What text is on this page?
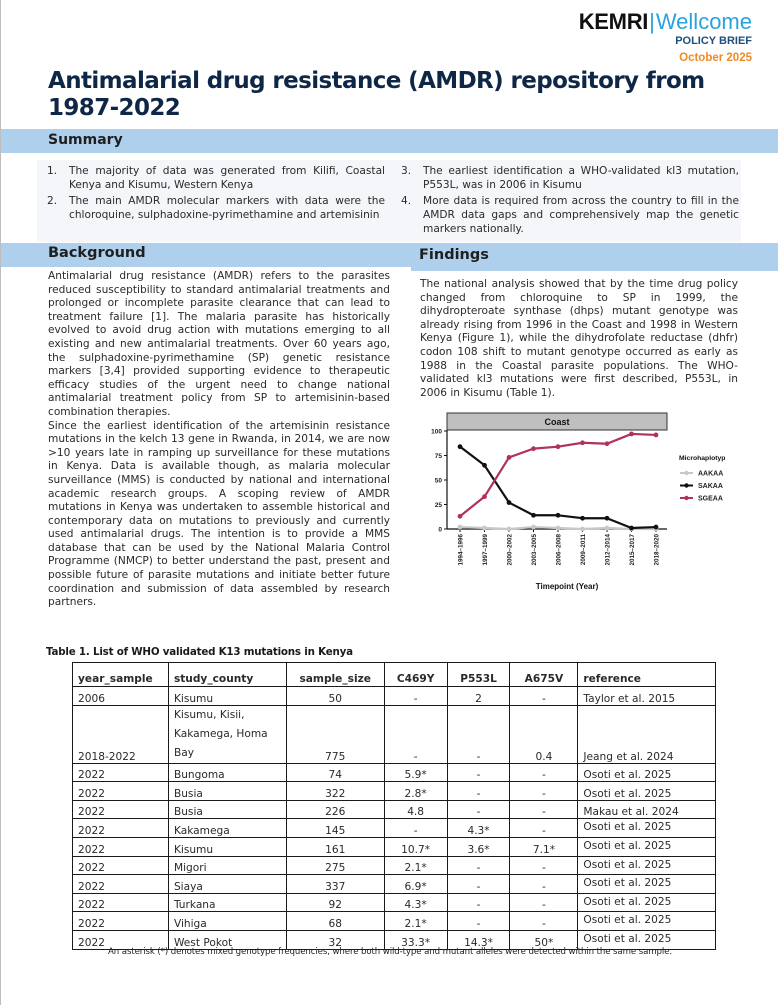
KEMRI|Wellcome
POLICY BRIEF
October 2025
Antimalarial drug resistance (AMDR) repository from 1987-2022
Summary
1. The majority of data was generated from Kilifi, Coastal Kenya and Kisumu, Western Kenya
2. The main AMDR molecular markers with data were the chloroquine, sulphadoxine-pyrimethamine and artemisinin
3. The earliest identification a WHO-validated kl3 mutation, P553L, was in 2006 in Kisumu
4. More data is required from across the country to fill in the AMDR data gaps and comprehensively map the genetic markers nationally.
Background	Findings

Antimalarial drug resistance (AMDR) refers to the parasites reduced susceptibility to standard antimalarial treatments and prolonged or incomplete parasite clearance that can lead to treatment failure [1]. The malaria parasite has historically evolved to avoid drug action with mutations emerging to all existing and new antimalarial treatments. Over 60 years ago, the sulphadoxine-pyrimethamine (SP) genetic resistance markers [3,4] provided supporting evidence to therapeutic efficacy studies of the urgent need to change national antimalarial treatment policy from SP to artemisinin-based combination therapies.

Since the earliest identification of the artemisinin resistance mutations in the kelch 13 gene in Rwanda, in 2014, we are now >10 years late in ramping up surveillance for these mutations in Kenya. Data is available though, as malaria molecular surveillance (MMS) is conducted by national and international academic research groups. A scoping review of AMDR mutations in Kenya was undertaken to assemble historical and contemporary data on mutations to previously and currently used antimalarial drugs. The intention is to provide a MMS database that can be used by the National Malaria Control Programme (NMCP) to better understand the past, present and possible future of parasite mutations and initiate better future coordination and submission of data assembled by research partners.

The national analysis showed that by the time drug policy changed from chloroquine to SP in 1999, the dihydropteroate synthase (dhps) mutant genotype was already rising from 1996 in the Coast and 1998 in Western Kenya (Figure 1), while the dihydrofolate reductase (dhfr) codon 108 shift to mutant genotype occurred as early as 1988 in the Coastal parasite populations. The WHO-validated kl3 mutations were first described, P553L, in 2006 in Kisumu (Table 1).

Coast
0
25
50
75
100
1994–1996	1997–1999	2000–2002	2003–2005	2006–2008	2009–2011	2012–2014	2015–2017	2018–2020
Timepoint (Year)
Microhaplotyp
AAKAA
SAKAA
SGEAA
Table 1. List of WHO validated K13 mutations in Kenya
year_sample	study_county	sample_size	C469Y	P553L	A675V	reference
2006	Kisumu	50	-	2	-	Taylor et al. 2015
2018-2022	Kisumu, Kisii,
Kakamega, Homa
Bay	775	-	-	0.4	Jeang et al. 2024
2022	Bungoma	74	5.9*	-	-	Osoti et al. 2025
2022	Busia	322	2.8*	-	-	Osoti et al. 2025
2022	Busia	226	4.8	-	-	Makau et al. 2024
2022	Kakamega	145	-	4.3*	-	Osoti et al. 2025
2022	Kisumu	161	10.7*	3.6*	7.1*	Osoti et al. 2025
2022	Migori	275	2.1*	-	-	Osoti et al. 2025
2022	Siaya	337	6.9*	-	-	Osoti et al. 2025
2022	Turkana	92	4.3*	-	-	Osoti et al. 2025
2022	Vihiga	68	2.1*	-	-	Osoti et al. 2025
2022	West Pokot	32	33.3*	14.3*	50*	Osoti et al. 2025
An asterisk (*) denotes mixed genotype frequencies, where both wild-type and mutant alleles were detected within the same sample.
